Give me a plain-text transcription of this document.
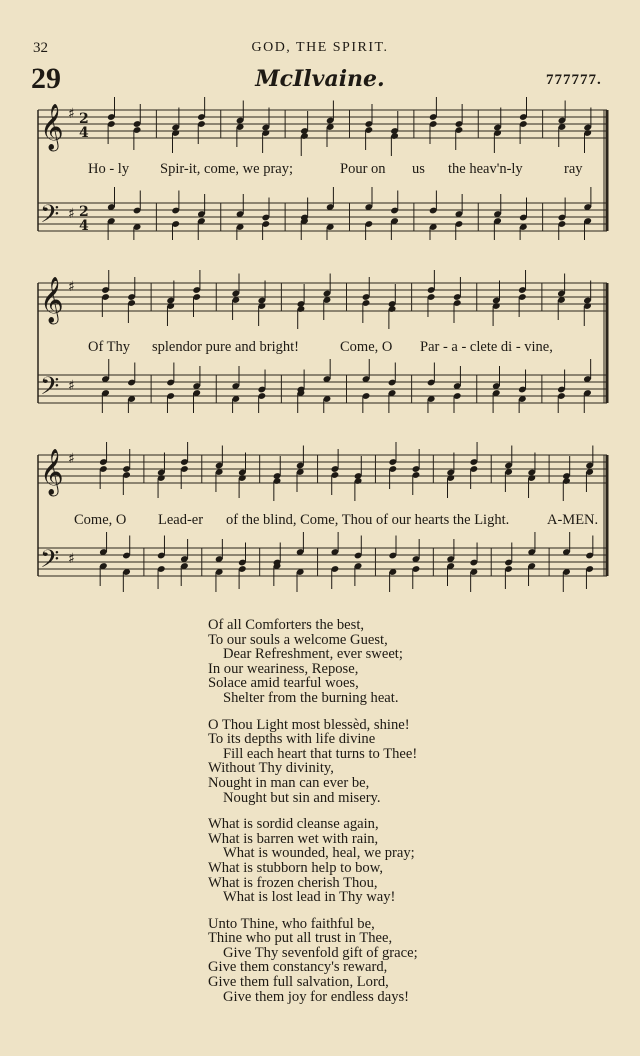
32	GOD, THE SPIRIT.
29	McIlvaine.	777777.
𝄞
𝄢
♯
♯
2
2
4
4
Ho - ly Spir-it, come, we pray;	Pour on us the heav'n-ly	ray
𝄞
𝄢
♯
♯
Of Thy splendor pure and bright!	Come, O Par - a - clete di - vine,
𝄞
𝄢
♯
♯
Come, O Lead-er of the blind, Come, Thou of our hearts the Light.	A-MEN.
Of all Comforters the best,
To our souls a welcome Guest,
Dear Refreshment, ever sweet;
In our weariness, Repose,
Solace amid tearful woes,
Shelter from the burning heat.
O Thou Light most blessèd, shine!
To its depths with life divine
Fill each heart that turns to Thee!
Without Thy divinity,
Nought in man can ever be,
Nought but sin and misery.
What is sordid cleanse again,
What is barren wet with rain,
What is wounded, heal, we pray;
What is stubborn help to bow,
What is frozen cherish Thou,
What is lost lead in Thy way!
Unto Thine, who faithful be,
Thine who put all trust in Thee,
Give Thy sevenfold gift of grace;
Give them constancy's reward,
Give them full salvation, Lord,
Give them joy for endless days!
